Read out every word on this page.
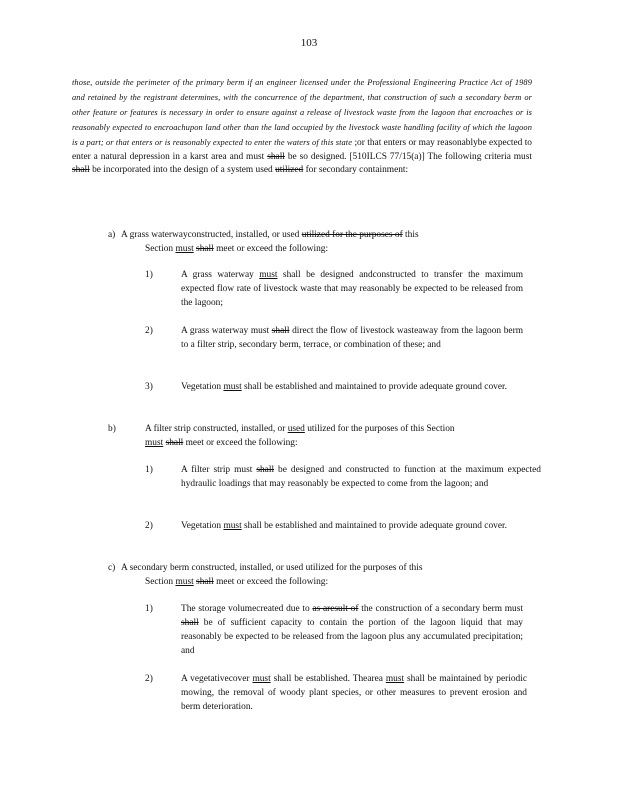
103
those, outside the perimeter of the primary berm if an engineer licensed under the Professional Engineering Practice Act of 1989 and retained by the registrant determines, with the concurrence of the department, that construction of such a secondary berm or other feature or features is necessary in order to ensure against a release of livestock waste from the lagoon that encroaches or is reasonably expected to encroachupon land other than the land occupied by the livestock waste handling facility of which the lagoon is a part; or that enters or is reasonably expected to enter the waters of this state ;or that enters or may reasonablybe expected to enter a natural depression in a karst area and must shall be so designed. [510ILCS 77/15(a)] The following criteria must shall be incorporated into the design of a system used utilized for secondary containment:
a) A grass waterwayconstructed, installed, or used utilized for the purposes of this
Section must shall meet or exceed the following:
1)	A grass waterway must shall be designed andconstructed to transfer the maximum expected flow rate of livestock waste that may reasonably be expected to be released from the lagoon;
2)	A grass waterway must shall direct the flow of livestock wasteaway from the lagoon berm to a filter strip, secondary berm, terrace, or combination of these; and
3)	Vegetation must shall be established and maintained to provide adequate ground cover.
b)	A filter strip constructed, installed, or used utilized for the purposes of this Section
must shall meet or exceed the following:
1)	A filter strip must shall be designed and constructed to function at the maximum expected hydraulic loadings that may reasonably be expected to come from the lagoon; and
2)	Vegetation must shall be established and maintained to provide adequate ground cover.
c) A secondary berm constructed, installed, or used utilized for the purposes of this
Section must shall meet or exceed the following:
1)	The storage volumecreated due to as aresult of the construction of a secondary berm must shall be of sufficient capacity to contain the portion of the lagoon liquid that may reasonably be expected to be released from the lagoon plus any accumulated precipitation; and
2)	A vegetativecover must shall be established. Thearea must shall be maintained by periodic mowing, the removal of woody plant species, or other measures to prevent erosion and berm deterioration.
